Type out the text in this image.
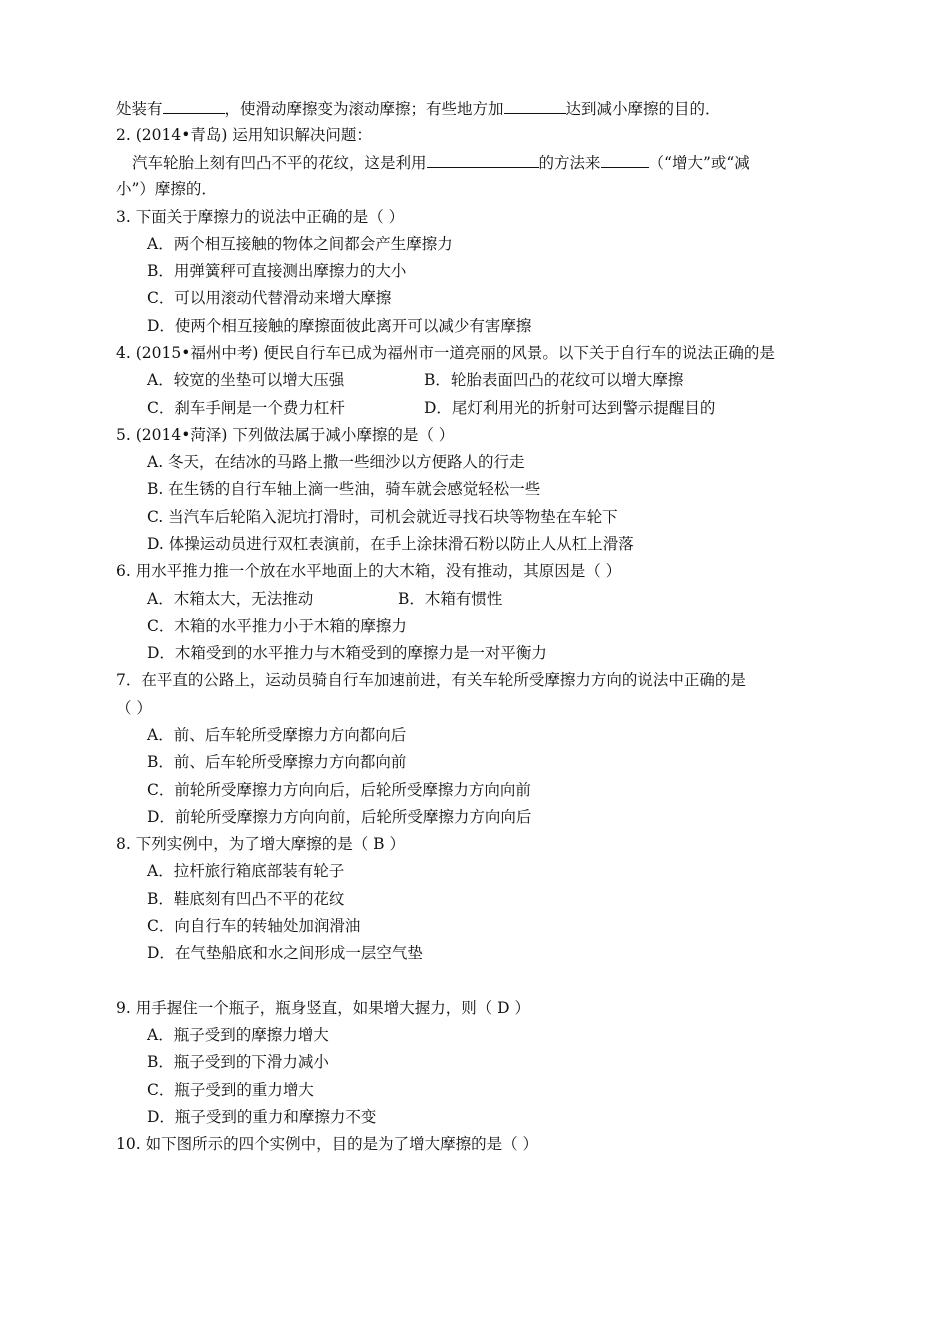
处装有	，使滑动摩擦变为滚动摩擦；有些地方加	达到减小摩擦的目的．
2. (2014•青岛) 运用知识解决问题：
汽车轮胎上刻有凹凸不平的花纹，这是利用	的方法来	（“增大”或“减
小”）摩擦的．
3. 下面关于摩擦力的说法中正确的是（ ）
A．两个相互接触的物体之间都会产生摩擦力
B．用弹簧秤可直接测出摩擦力的大小
C．可以用滚动代替滑动来增大摩擦
D．使两个相互接触的摩擦面彼此离开可以减少有害摩擦
4. (2015•福州中考) 便民自行车已成为福州市一道亮丽的风景。以下关于自行车的说法正确的是
A．较宽的坐垫可以增大压强	B．轮胎表面凹凸的花纹可以增大摩擦
C．刹车手闸是一个费力杠杆	D．尾灯利用光的折射可达到警示提醒目的
5. (2014•菏泽) 下列做法属于减小摩擦的是（ ）
A. 冬天，在结冰的马路上撒一些细沙以方便路人的行走
B. 在生锈的自行车轴上滴一些油，骑车就会感觉轻松一些
C. 当汽车后轮陷入泥坑打滑时，司机会就近寻找石块等物垫在车轮下
D. 体操运动员进行双杠表演前，在手上涂抹滑石粉以防止人从杠上滑落
6. 用水平推力推一个放在水平地面上的大木箱，没有推动，其原因是（ ）
A．木箱太大，无法推动	B．木箱有惯性
C．木箱的水平推力小于木箱的摩擦力
D．木箱受到的水平推力与木箱受到的摩擦力是一对平衡力
7．在平直的公路上，运动员骑自行车加速前进，有关车轮所受摩擦力方向的说法中正确的是
（ ）
A．前、后车轮所受摩擦力方向都向后
B．前、后车轮所受摩擦力方向都向前
C．前轮所受摩擦力方向向后，后轮所受摩擦力方向向前
D．前轮所受摩擦力方向向前，后轮所受摩擦力方向向后
8. 下列实例中，为了增大摩擦的是（ B ）
A．拉杆旅行箱底部装有轮子
B．鞋底刻有凹凸不平的花纹
C．向自行车的转轴处加润滑油
D．在气垫船底和水之间形成一层空气垫
9. 用手握住一个瓶子，瓶身竖直，如果增大握力，则（ D ）
A．瓶子受到的摩擦力增大
B．瓶子受到的下滑力减小
C．瓶子受到的重力增大
D．瓶子受到的重力和摩擦力不变
10. 如下图所示的四个实例中，目的是为了增大摩擦的是（ ）
